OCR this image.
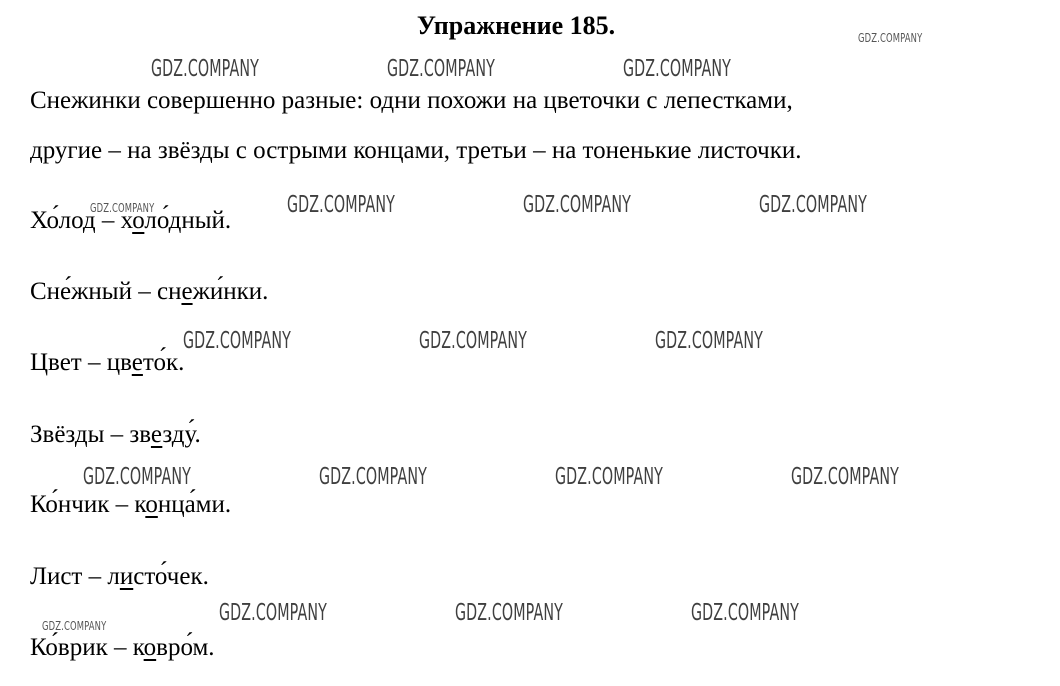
Упражнение 185.
Снежинки совершенно разные: одни похожи на цветочки с лепестками,
другие – на звёзды с острыми концами, третьи – на тоненькие листочки.
Хо́лод – холо́дный.
Сне́жный – снежи́нки.
Цвет – цвето́к.
Звёзды – звезду́.
Ко́нчик – конца́ми.
Лист – листо́чек.
Ко́врик – ковро́м.
GDZ.COMPANY
GDZ.COMPANY	GDZ.COMPANY	GDZ.COMPANY
GDZ.COMPANY	GDZ.COMPANY	GDZ.COMPANY	GDZ.COMPANY
GDZ.COMPANY	GDZ.COMPANY	GDZ.COMPANY
GDZ.COMPANY	GDZ.COMPANY	GDZ.COMPANY	GDZ.COMPANY
GDZ.COMPANY	GDZ.COMPANY	GDZ.COMPANY	GDZ.COMPANY
